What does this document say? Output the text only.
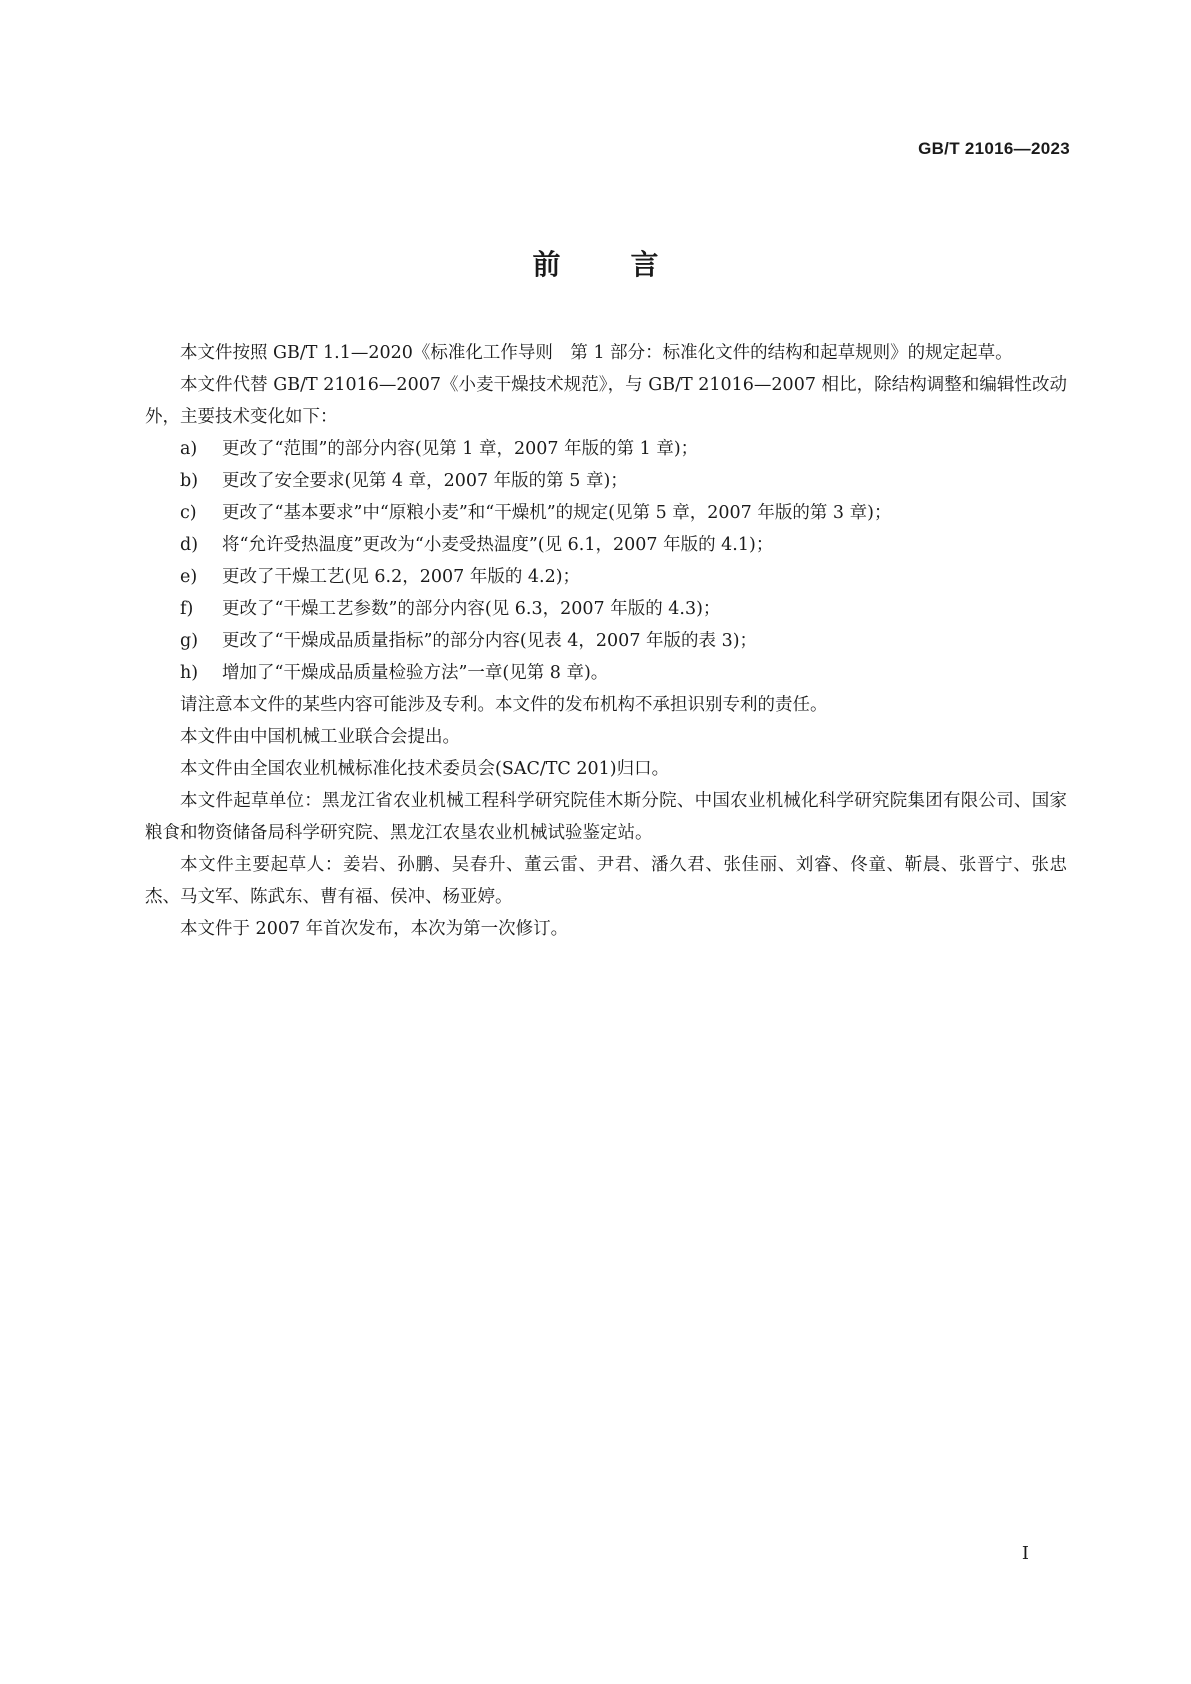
GB/T 21016—2023
前	言

本文件按照 GB/T 1.1—2020《标准化工作导则　第 1 部分：标准化文件的结构和起草规则》的规定起草。

本文件代替 GB/T 21016—2007《小麦干燥技术规范》，与 GB/T 21016—2007 相比，除结构调整和编辑性改动外，主要技术变化如下：

a)	更改了“范围”的部分内容(见第 1 章，2007 年版的第 1 章)；
b)	更改了安全要求(见第 4 章，2007 年版的第 5 章)；
c)	更改了“基本要求”中“原粮小麦”和“干燥机”的规定(见第 5 章，2007 年版的第 3 章)；
d)	将“允许受热温度”更改为“小麦受热温度”(见 6.1，2007 年版的 4.1)；
e)	更改了干燥工艺(见 6.2，2007 年版的 4.2)；
f)	更改了“干燥工艺参数”的部分内容(见 6.3，2007 年版的 4.3)；
g)	更改了“干燥成品质量指标”的部分内容(见表 4，2007 年版的表 3)；
h)	增加了“干燥成品质量检验方法”一章(见第 8 章)。

请注意本文件的某些内容可能涉及专利。本文件的发布机构不承担识别专利的责任。

本文件由中国机械工业联合会提出。

本文件由全国农业机械标准化技术委员会(SAC/TC 201)归口。

本文件起草单位：黑龙江省农业机械工程科学研究院佳木斯分院、中国农业机械化科学研究院集团有限公司、国家粮食和物资储备局科学研究院、黑龙江农垦农业机械试验鉴定站。

本文件主要起草人：姜岩、孙鹏、吴春升、董云雷、尹君、潘久君、张佳丽、刘睿、佟童、靳晨、张晋宁、张忠杰、马文军、陈武东、曹有福、侯冲、杨亚婷。

本文件于 2007 年首次发布，本次为第一次修订。

I
